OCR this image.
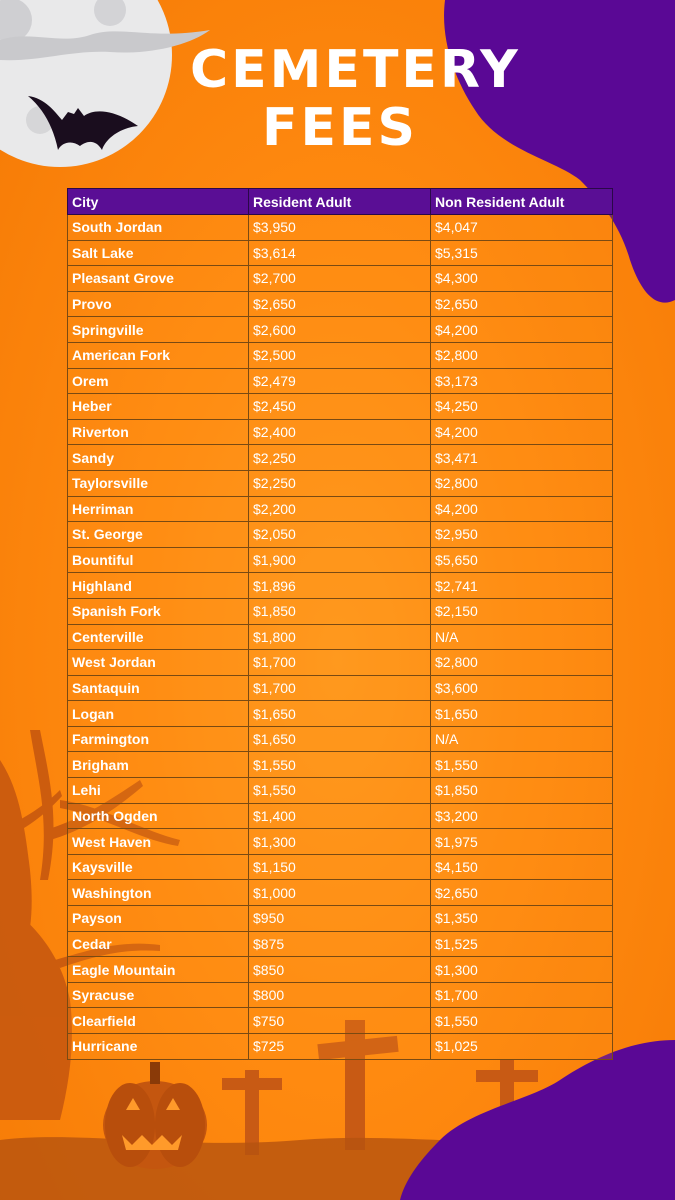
CEMETERY
FEES
City	Resident Adult	Non Resident Adult
South Jordan	$3,950	$4,047
Salt Lake	$3,614	$5,315
Pleasant Grove	$2,700	$4,300
Provo	$2,650	$2,650
Springville	$2,600	$4,200
American Fork	$2,500	$2,800
Orem	$2,479	$3,173
Heber	$2,450	$4,250
Riverton	$2,400	$4,200
Sandy	$2,250	$3,471
Taylorsville	$2,250	$2,800
Herriman	$2,200	$4,200
St. George	$2,050	$2,950
Bountiful	$1,900	$5,650
Highland	$1,896	$2,741
Spanish Fork	$1,850	$2,150
Centerville	$1,800	N/A
West Jordan	$1,700	$2,800
Santaquin	$1,700	$3,600
Logan	$1,650	$1,650
Farmington	$1,650	N/A
Brigham	$1,550	$1,550
Lehi	$1,550	$1,850
North Ogden	$1,400	$3,200
West Haven	$1,300	$1,975
Kaysville	$1,150	$4,150
Washington	$1,000	$2,650
Payson	$950	$1,350
Cedar	$875	$1,525
Eagle Mountain	$850	$1,300
Syracuse	$800	$1,700
Clearfield	$750	$1,550
Hurricane	$725	$1,025
